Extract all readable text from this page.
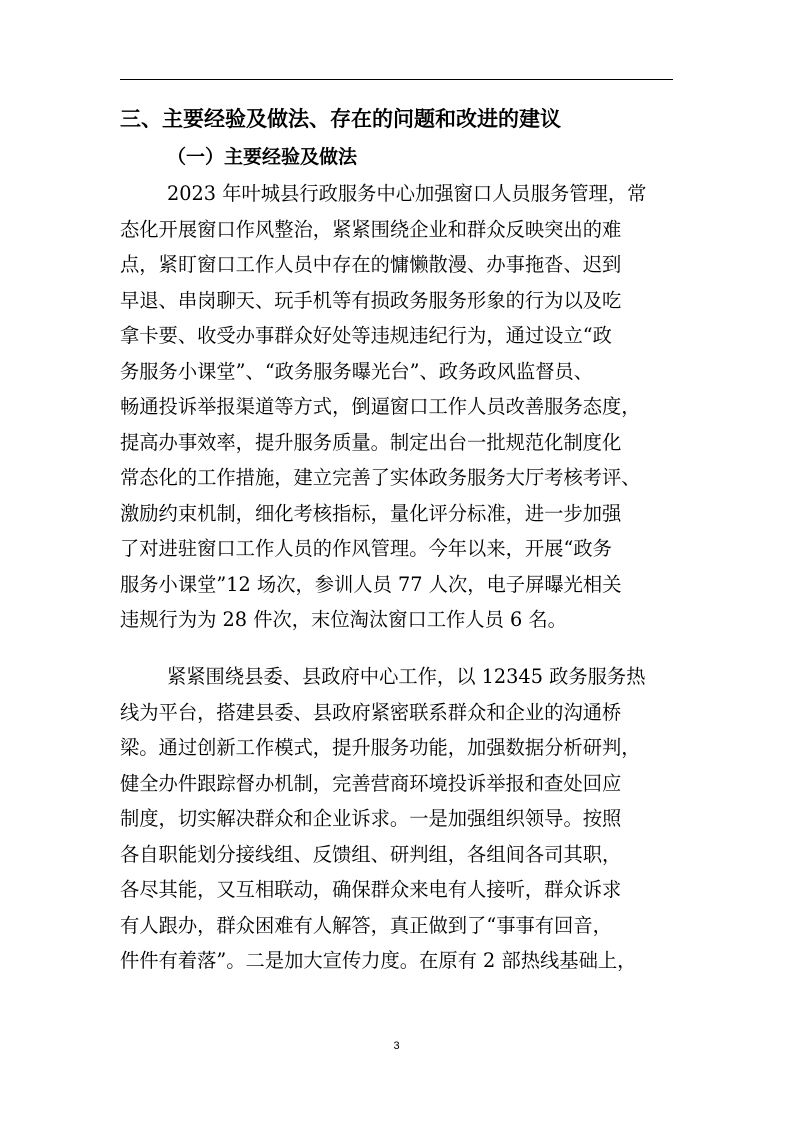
三、主要经验及做法、存在的问题和改进的建议
（一）主要经验及做法
2023 年叶城县行政服务中心加强窗口人员服务管理，常
态化开展窗口作风整治，紧紧围绕企业和群众反映突出的难
点，紧盯窗口工作人员中存在的慵懒散漫、办事拖沓、迟到
早退、串岗聊天、玩手机等有损政务服务形象的行为以及吃
拿卡要、收受办事群众好处等违规违纪行为，通过设立“政
务服务小课堂”、“政务服务曝光台”、政务政风监督员、
畅通投诉举报渠道等方式，倒逼窗口工作人员改善服务态度，
提高办事效率，提升服务质量。制定出台一批规范化制度化
常态化的工作措施，建立完善了实体政务服务大厅考核考评、
激励约束机制，细化考核指标，量化评分标准，进一步加强
了对进驻窗口工作人员的作风管理。今年以来，开展“政务
服务小课堂”12 场次，参训人员 77 人次，电子屏曝光相关
违规行为为 28 件次，末位淘汰窗口工作人员 6 名。
紧紧围绕县委、县政府中心工作，以 12345 政务服务热
线为平台，搭建县委、县政府紧密联系群众和企业的沟通桥
梁。通过创新工作模式，提升服务功能，加强数据分析研判，
健全办件跟踪督办机制，完善营商环境投诉举报和查处回应
制度，切实解决群众和企业诉求。一是加强组织领导。按照
各自职能划分接线组、反馈组、研判组，各组间各司其职，
各尽其能，又互相联动，确保群众来电有人接听，群众诉求
有人跟办，群众困难有人解答，真正做到了“事事有回音，
件件有着落”。二是加大宣传力度。在原有 2 部热线基础上，
3
